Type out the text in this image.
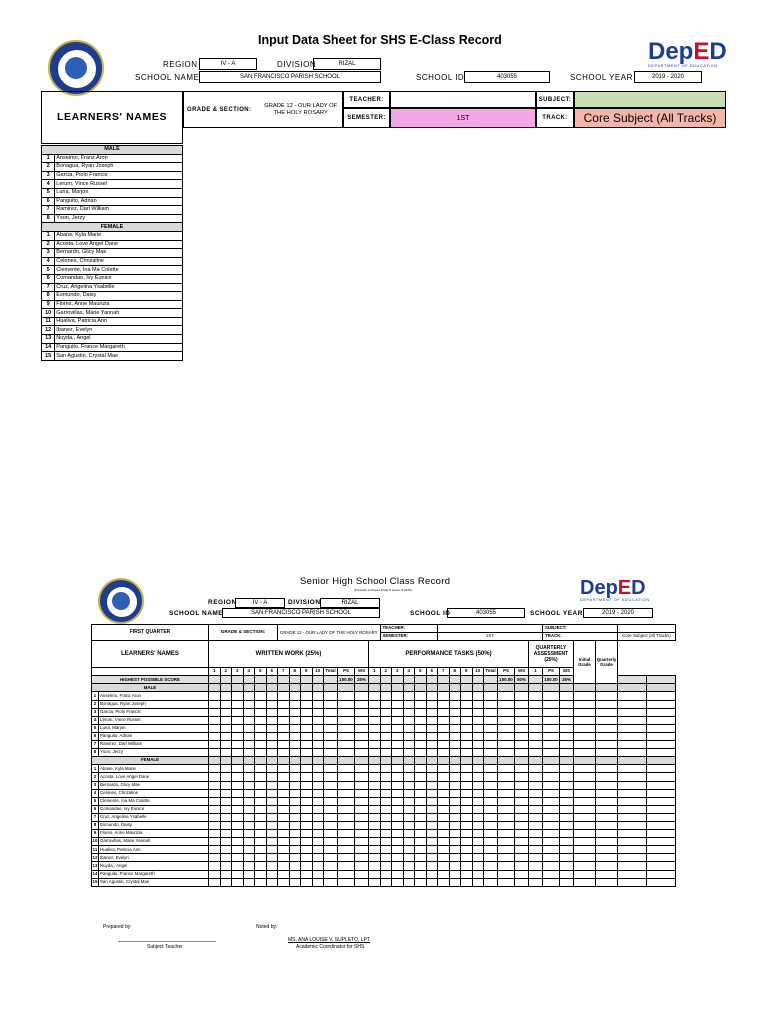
Input Data Sheet for SHS E-Class Record	DepED
DEPARTMENT OF EDUCATION
REGION	IV - A	DIVISION	RIZAL
SCHOOL NAME	SAN FRANCISCO PARISH SCHOOL	SCHOOL ID	403055	SCHOOL YEAR	2019 - 2020
LEARNERS' NAMES
GRADE & SECTION:
GRADE 12 - OUR LADY OF THE HOLY ROSARY
TEACHER:	SUBJECT:
SEMESTER:	1ST	TRACK:	Core Subject (All Tracks)
MALE	
1	Anselmo, Franz Aron
2	Bonagua, Ryan Joseph
3	Garcia, Piolo Francis
4	Lerum, Vince Russel
5	Luna, Marjon
6	Panguito, Adrian
7	Ramirez, Darl William
8	Yson, Jerzy
FEMALE	
1	Abane, Kyla Marie
2	Acosta, Love Angel Dane
3	Bernardo, Glicy Mae
4	Celones, Chrizaline
5	Clemente, Ina Ma Colette
6	Comandao, Ivy Eunice
7	Cruz, Angelina Ysabelle
8	Esmundo, Daisy
9	Flores, Anne Maurizia
10	Garrovillas, Marie Yannah
11	Hualiva, Patricia Ann
12	Ibanez, Evelyn
13	Nuyda,, Angel
14	Panguito, France Margareth
15	San Agustin, Crystal Mae
Senior High School Class Record
(Pursuant to Deped Order 8 series of 2015)	DepED
DEPARTMENT OF EDUCATION
REGION	IV - A	DIVISION	RIZAL
SCHOOL NAME	SAN FRANCISCO PARISH SCHOOL	SCHOOL ID	403055	SCHOOL YEAR	2019 - 2020
FIRST QUARTER		GRADE & SECTION:						GRADE 12 - OUR LADY OF THE HOLY ROSARY								TEACHER:													SUBJECT:					
																SEMESTER:					1ST								TRACK:				Core Subject (All Tracks)	
LEARNERS' NAMES		WRITTEN WORK (25%)													PERFORMANCE TASKS (50%)													QUARTERLY ASSESSMENT (25%)			Initial Grade	Quarterly Grade		
		1	2	3	4	5	6	7	8	9	10	Total	PS	WS	1	2	3	4	5	6	7	8	9	10	Total	PS	WS	1	PS	WS				
HIGHEST POSSIBLE SCORE													100.00	25%												100.00	50%		100.00	25%				
MALE																																		
1	Anselmo, Franz Aron																																	
2	Bonagua, Ryan Joseph																																	
3	Garcia, Piolo Francis																																	
4	Lerum, Vince Russel																																	
5	Luna, Marjon																																	
6	Panguito, Adrian																																	
7	Ramirez, Darl William																																	
8	Yson, Jerzy																																	
FEMALE																																		
1	Abane, Kyla Marie																																	
2	Acosta, Love Angel Dane																																	
3	Bernardo, Glicy Mae																																	
4	Celones, Chrizaline																																	
5	Clemente, Ina Ma Colette																																	
6	Comandao, Ivy Eunice																																	
7	Cruz, Angelina Ysabelle																																	
8	Esmundo, Daisy																																	
9	Flores, Anne Maurizia																																	
10	Garrovillas, Marie Yannah																																	
11	Hualiva, Patricia Ann																																	
12	Ibanez, Evelyn																																	
13	Nuyda,, Angel																																	
14	Panguito, France Margareth																																	
15	San Agustin, Crystal Mae																																	
Prepared by:	Noted by:
Subject Teacher
MS. ANA LOUISE V. SUPLETO, LPT
Academic Coordinator for SHS
